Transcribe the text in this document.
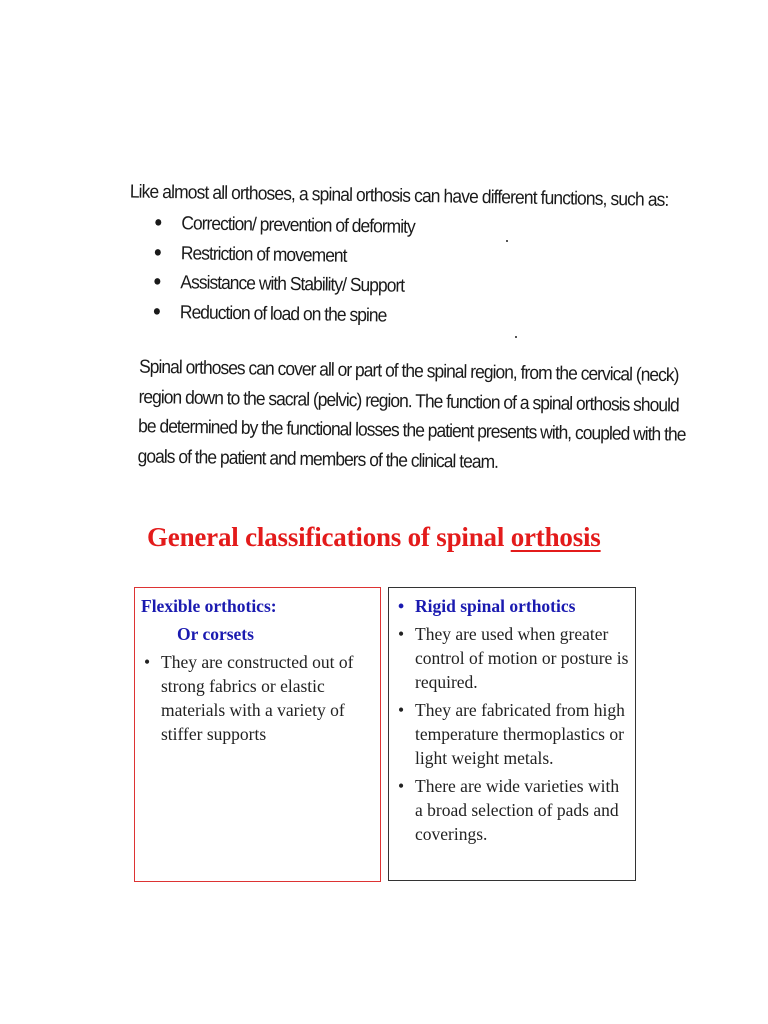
Like almost all orthoses, a spinal orthosis can have different functions, such as:

Correction/ prevention of deformity
Restriction of movement
Assistance with Stability/ Support
Reduction of load on the spine
Spinal orthoses can cover all or part of the spinal region, from the cervical (neck)
region down to the sacral (pelvic) region. The function of a spinal orthosis should
be determined by the functional losses the patient presents with, coupled with the
goals of the patient and members of the clinical team.
General classifications of spinal orthosis
Flexible orthotics:
Or corsets
• They are constructed out of strong fabrics or elastic materials with a variety of stiffer supports
• Rigid spinal orthotics
• They are used when greater control of motion or posture is required.
• They are fabricated from high temperature thermoplastics or light weight metals.
• There are wide varieties with a broad selection of pads and coverings.
